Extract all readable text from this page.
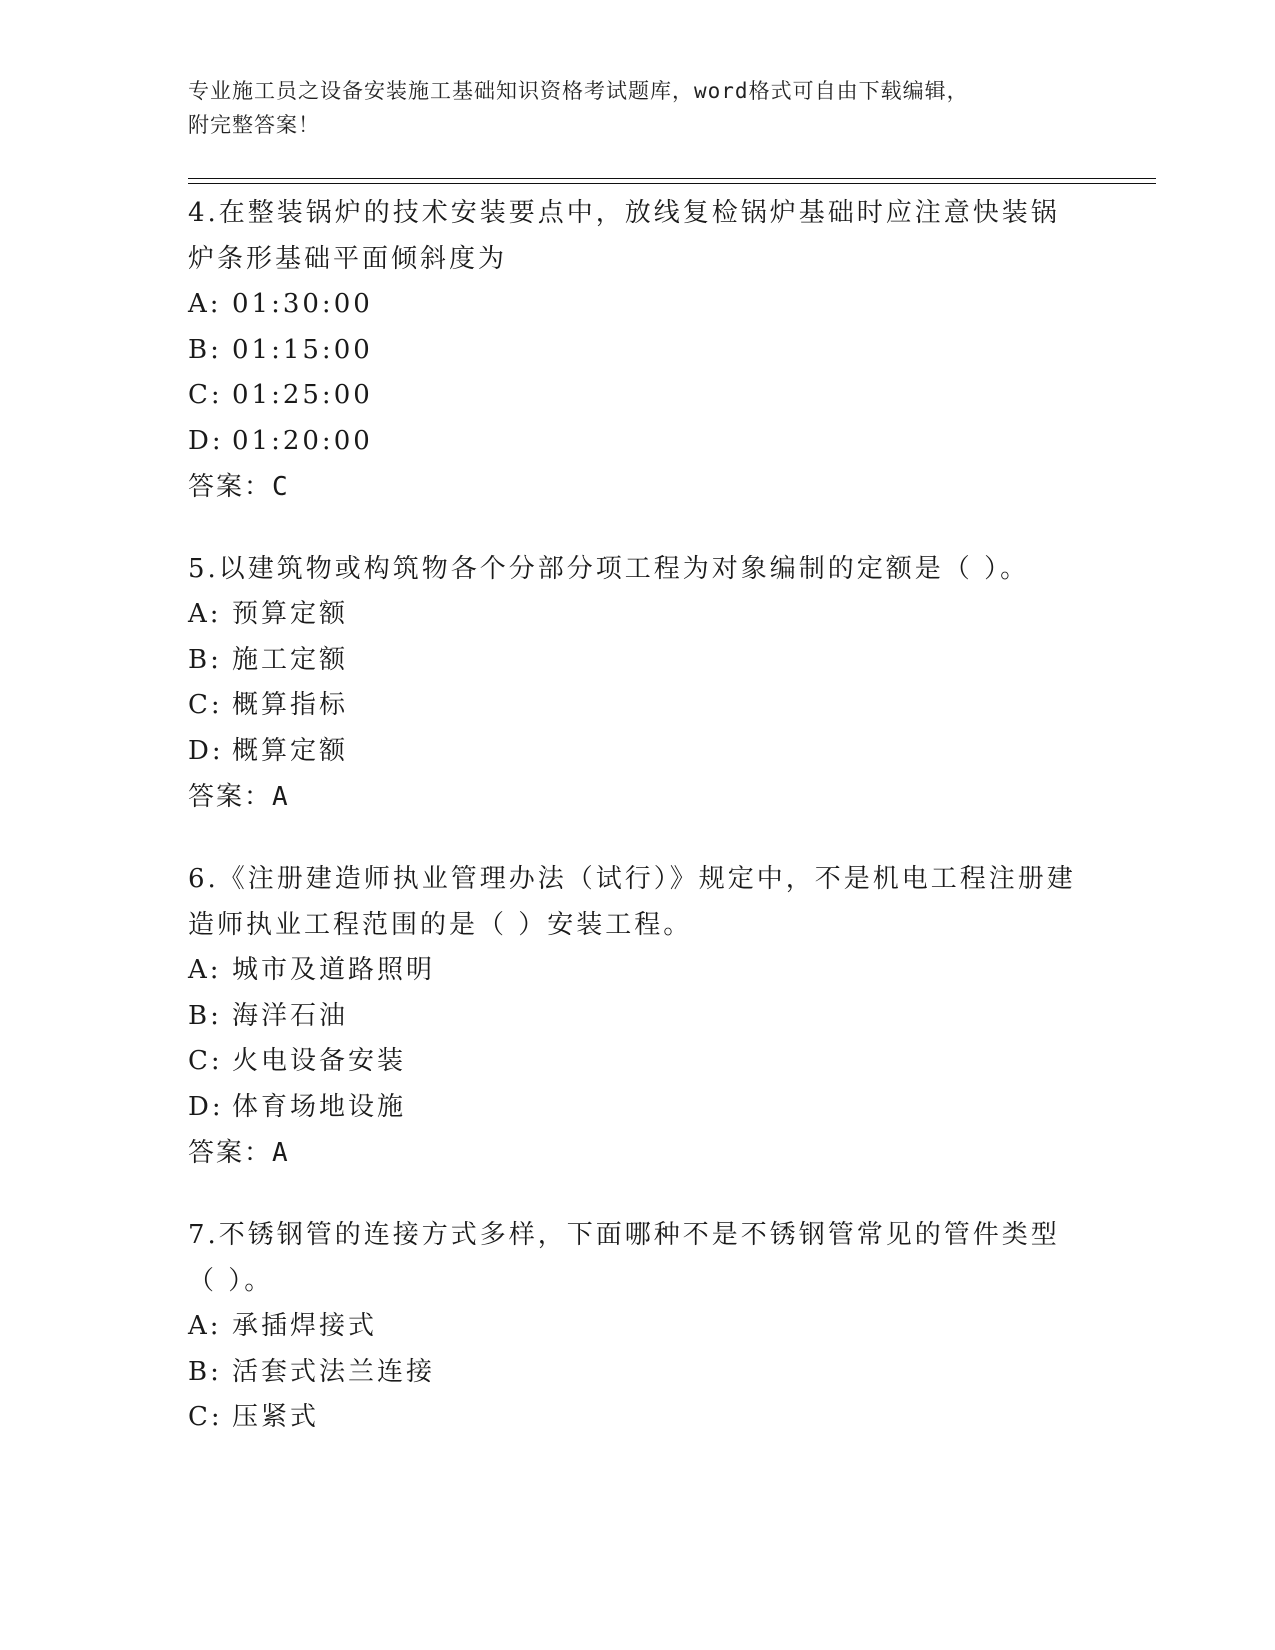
专业施工员之设备安装施工基础知识资格考试题库，word格式可自由下载编辑，
附完整答案！

4.在整装锅炉的技术安装要点中，放线复检锅炉基础时应注意快装锅炉条形基础平面倾斜度为

A: 01:30:00

B: 01:15:00

C: 01:25:00

D: 01:20:00

答案：C

5.以建筑物或构筑物各个分部分项工程为对象编制的定额是（ ）。

A: 预算定额

B: 施工定额

C: 概算指标

D: 概算定额

答案：A

6.《注册建造师执业管理办法（试行）》规定中，不是机电工程注册建造师执业工程范围的是（ ）安装工程。

A: 城市及道路照明

B: 海洋石油

C: 火电设备安装

D: 体育场地设施

答案：A

7.不锈钢管的连接方式多样，下面哪种不是不锈钢管常见的管件类型（ ）。

A: 承插焊接式

B: 活套式法兰连接

C: 压紧式
